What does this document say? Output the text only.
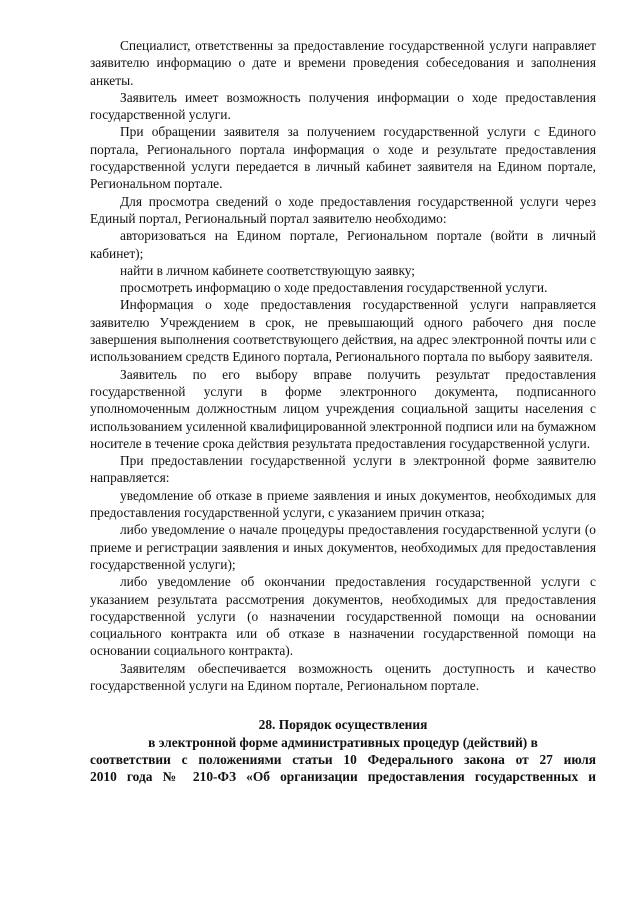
Специалист, ответственны за предоставление государственной услуги направляет заявителю информацию о дате и времени проведения собеседования и заполнения анкеты.

Заявитель имеет возможность получения информации о ходе предоставления государственной услуги.

При обращении заявителя за получением государственной услуги с Единого портала, Регионального портала информация о ходе и результате предоставления государственной услуги передается в личный кабинет заявителя на Едином портале, Региональном портале.

Для просмотра сведений о ходе предоставления государственной услуги через Единый портал, Региональный портал заявителю необходимо:

авторизоваться на Едином портале, Региональном портале (войти в личный кабинет);

найти в личном кабинете соответствующую заявку;

просмотреть информацию о ходе предоставления государственной услуги.

Информация о ходе предоставления государственной услуги направляется заявителю Учреждением в срок, не превышающий одного рабочего дня после завершения выполнения соответствующего действия, на адрес электронной почты или с использованием средств Единого портала, Регионального портала по выбору заявителя.

Заявитель по его выбору вправе получить результат предоставления государственной услуги в форме электронного документа, подписанного уполномоченным должностным лицом учреждения социальной защиты населения с использованием усиленной квалифицированной электронной подписи или на бумажном носителе в течение срока действия результата предоставления государственной услуги.

При предоставлении государственной услуги в электронной форме заявителю направляется:

уведомление об отказе в приеме заявления и иных документов, необходимых для предоставления государственной услуги, с указанием причин отказа;

либо уведомление о начале процедуры предоставления государственной услуги (о приеме и регистрации заявления и иных документов, необходимых для предоставления государственной услуги);

либо уведомление об окончании предоставления государственной услуги с указанием результата рассмотрения документов, необходимых для предоставления государственной услуги (о назначении государственной помощи на основании социального контракта или об отказе в назначении государственной помощи на основании социального контракта).

Заявителям обеспечивается возможность оценить доступность и качество государственной услуги на Едином портале, Региональном портале.

28. Порядок осуществления
в электронной форме административных процедур (действий) в
соответствии с положениями статьи 10 Федерального закона от 27 июля
2010 года № 210-ФЗ «Об организации предоставления государственных и
